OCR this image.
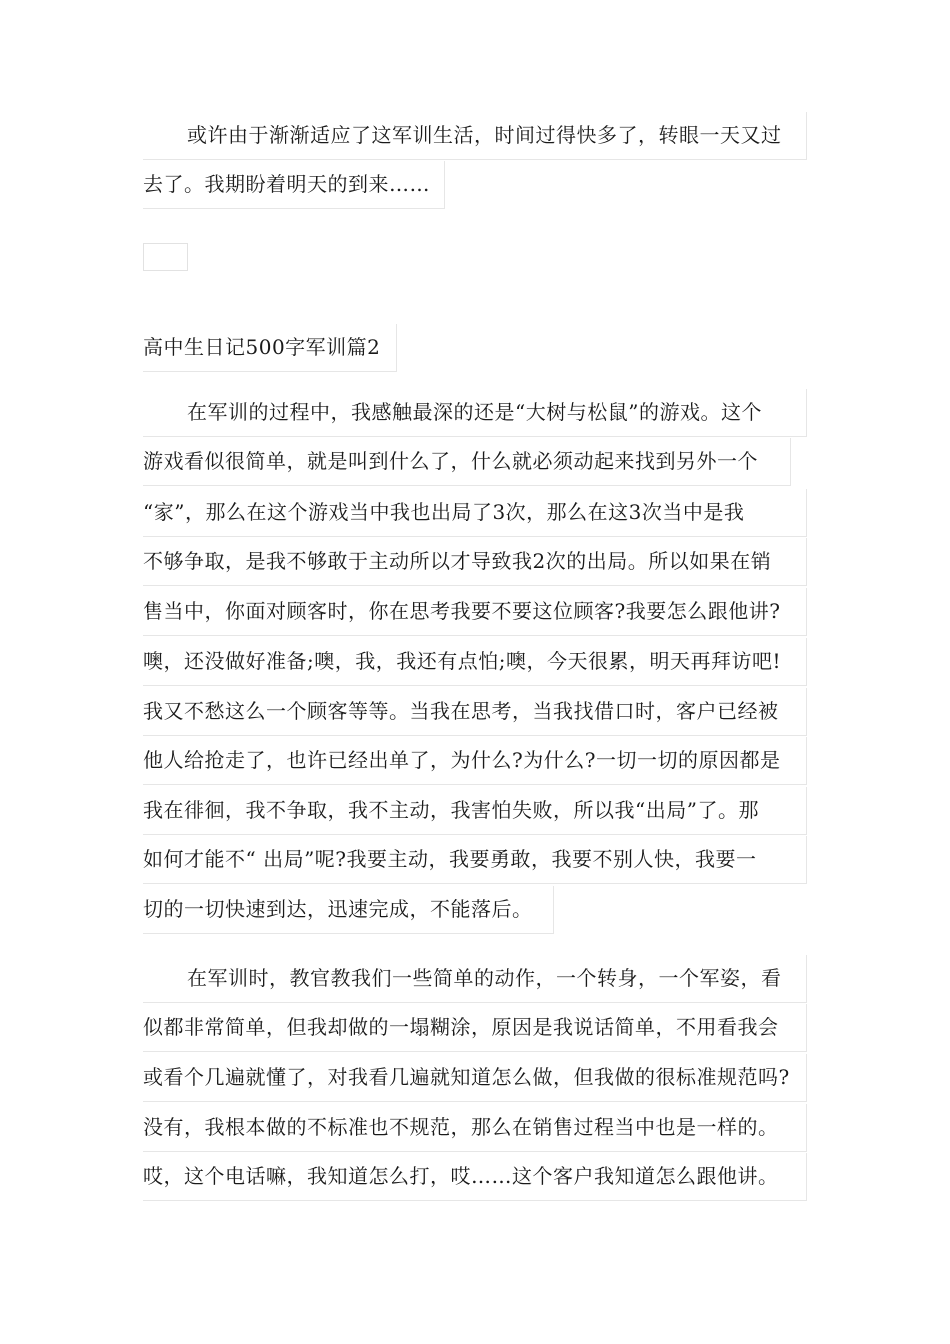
或许由于渐渐适应了这军训生活，时间过得快多了，转眼一天又过
去了。我期盼着明天的到来……
高中生日记500字军训篇2
在军训的过程中，我感触最深的还是“大树与松鼠”的游戏。这个
游戏看似很简单，就是叫到什么了，什么就必须动起来找到另外一个
“家”，那么在这个游戏当中我也出局了3次，那么在这3次当中是我
不够争取，是我不够敢于主动所以才导致我2次的出局。所以如果在销
售当中，你面对顾客时，你在思考我要不要这位顾客?我要怎么跟他讲?
噢，还没做好准备;噢，我，我还有点怕;噢，今天很累，明天再拜访吧!
我又不愁这么一个顾客等等。当我在思考，当我找借口时，客户已经被
他人给抢走了，也许已经出单了，为什么?为什么?一切一切的原因都是
我在徘徊，我不争取，我不主动，我害怕失败，所以我“出局”了。那
如何才能不“ 出局”呢?我要主动，我要勇敢，我要不别人快，我要一
切的一切快速到达，迅速完成，不能落后。
在军训时，教官教我们一些简单的动作，一个转身，一个军姿，看
似都非常简单，但我却做的一塌糊涂，原因是我说话简单，不用看我会
或看个几遍就懂了，对我看几遍就知道怎么做，但我做的很标准规范吗?
没有，我根本做的不标准也不规范，那么在销售过程当中也是一样的。
哎，这个电话嘛，我知道怎么打，哎……这个客户我知道怎么跟他讲。
